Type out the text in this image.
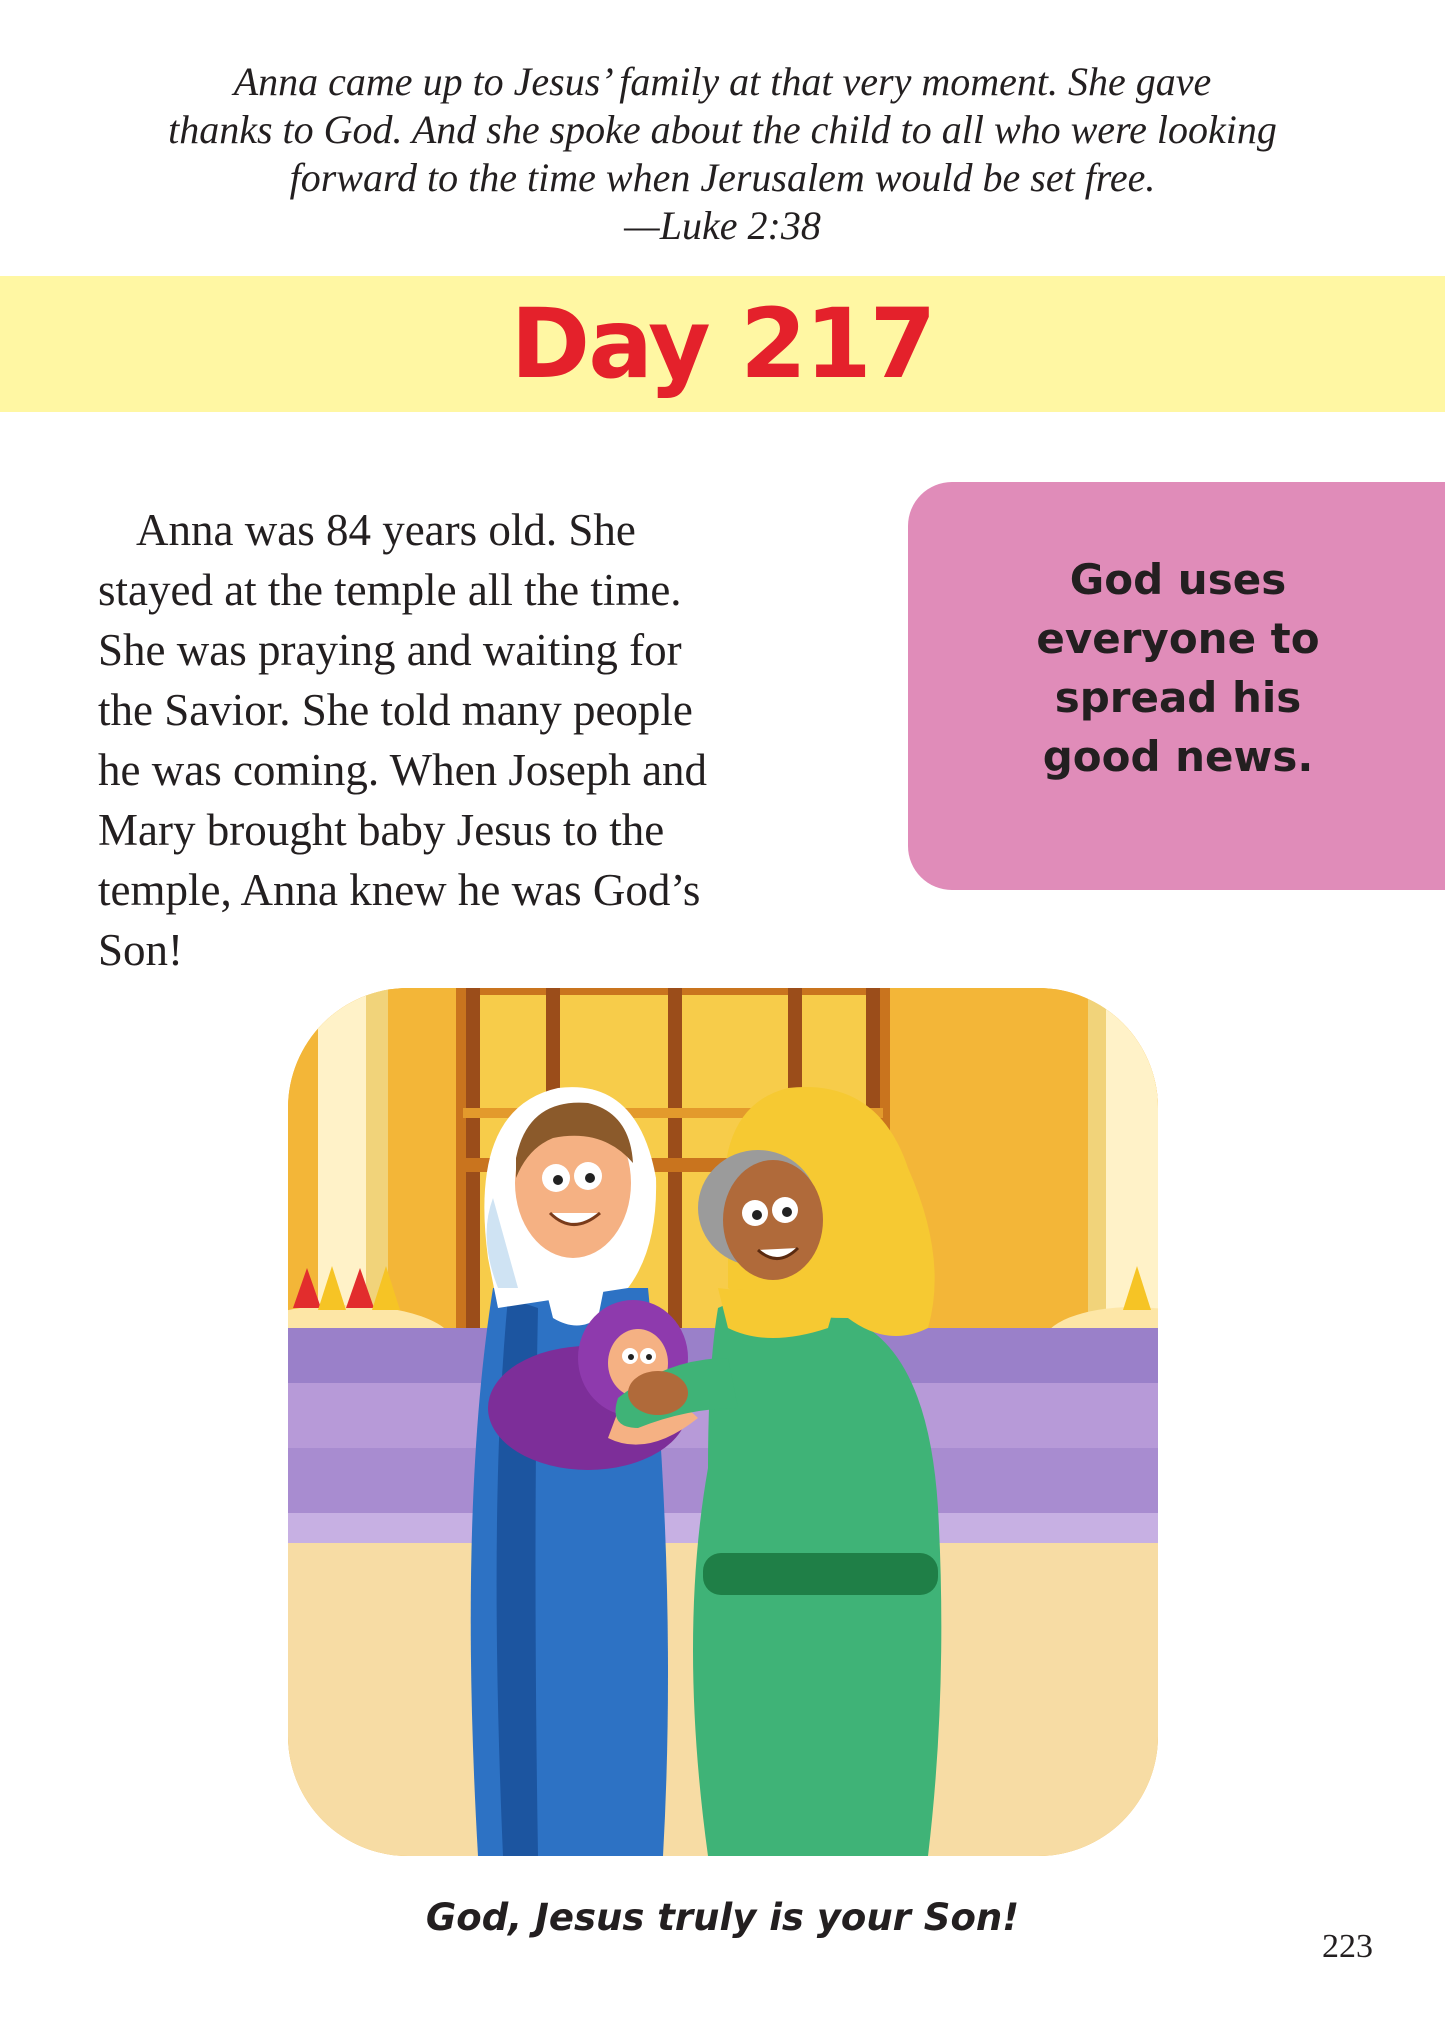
Anna came up to Jesus’ family at that very moment. She gave
thanks to God. And she spoke about the child to all who were looking
forward to the time when Jerusalem would be set free.
—Luke 2:38
Day 217
Anna was 84 years old. She
stayed at the temple all the time.
She was praying and waiting for
the Savior. She told many people
he was coming. When Joseph and
Mary brought baby Jesus to the
temple, Anna knew he was God’s
Son!
God uses
everyone to
spread his
good news.
God, Jesus truly is your Son!
223
